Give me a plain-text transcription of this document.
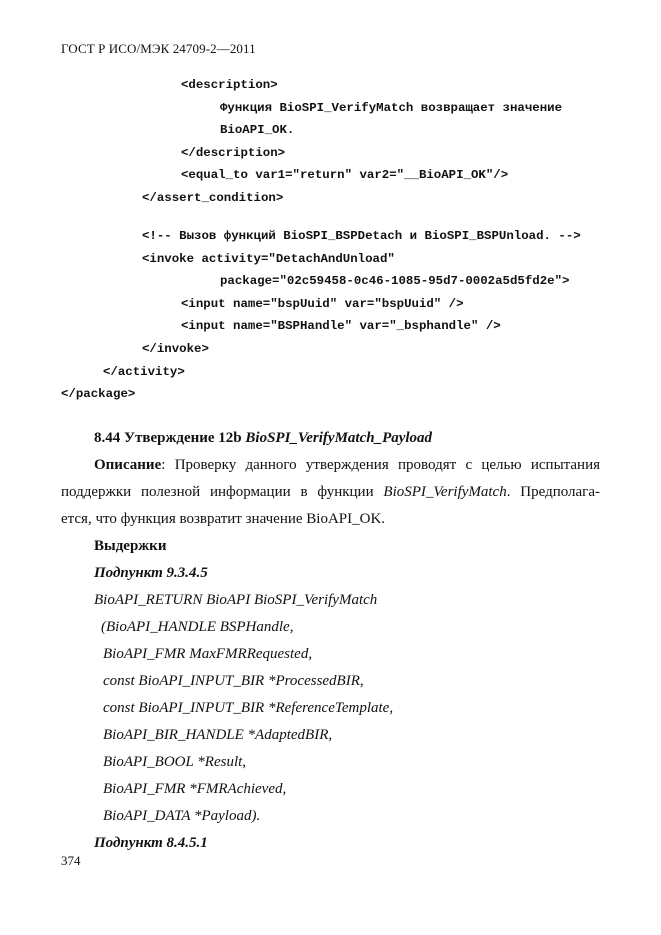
ГОСТ Р ИСО/МЭК 24709-2—2011
<description>
Функция BioSPI_VerifyMatch возвращает значение
BioAPI_OK.
</description>
<equal_to var1="return" var2="__BioAPI_OK"/>
</assert_condition>
<!-- Вызов функций BioSPI_BSPDetach и BioSPI_BSPUnload. -->
<invoke activity="DetachAndUnload"
package="02c59458-0c46-1085-95d7-0002a5d5fd2e">
<input name="bspUuid" var="bspUuid" />
<input name="BSPHandle" var="_bsphandle" />
</invoke>
</activity>
</package>
8.44 Утверждение 12b BioSPI_VerifyMatch_Payload
Описание: Проверку данного утверждения проводят с целью испытания
поддержки полезной информации в функции BioSPI_VerifyMatch. Предполага-
ется, что функция возвратит значение BioAPI_OK.
Выдержки
Подпункт 9.3.4.5
BioAPI_RETURN BioAPI BioSPI_VerifyMatch
(BioAPI_HANDLE BSPHandle,
BioAPI_FMR MaxFMRRequested,
const BioAPI_INPUT_BIR *ProcessedBIR,
const BioAPI_INPUT_BIR *ReferenceTemplate,
BioAPI_BIR_HANDLE *AdaptedBIR,
BioAPI_BOOL *Result,
BioAPI_FMR *FMRAchieved,
BioAPI_DATA *Payload).
Подпункт 8.4.5.1
374
